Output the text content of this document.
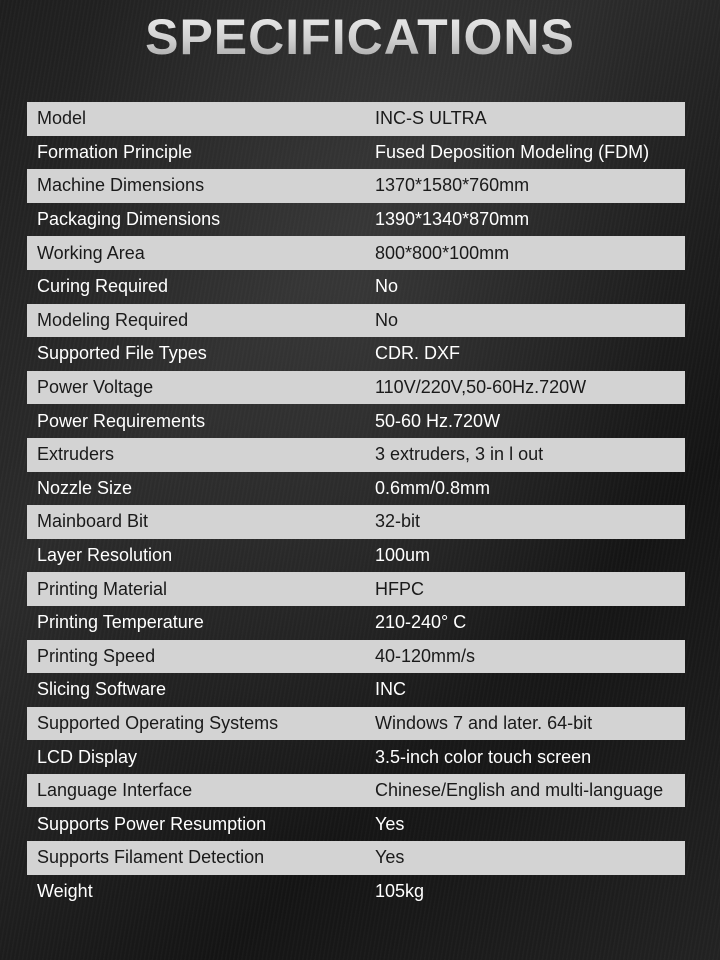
SPECIFICATIONS
Model	INC-S ULTRA
Formation Principle	Fused Deposition Modeling (FDM)
Machine Dimensions	1370*1580*760mm
Packaging Dimensions	1390*1340*870mm
Working Area	800*800*100mm
Curing Required	No
Modeling Required	No
Supported File Types	CDR. DXF
Power Voltage	110V/220V,50-60Hz.720W
Power Requirements	50-60 Hz.720W
Extruders	3 extruders, 3 in l out
Nozzle Size	0.6mm/0.8mm
Mainboard Bit	32-bit
Layer Resolution	100um
Printing Material	HFPC
Printing Temperature	210-240° C
Printing Speed	40-120mm/s
Slicing Software	INC
Supported Operating Systems	Windows 7 and later. 64-bit
LCD Display	3.5-inch color touch screen
Language Interface	Chinese/English and multi-language
Supports Power Resumption	Yes
Supports Filament Detection	Yes
Weight	105kg
